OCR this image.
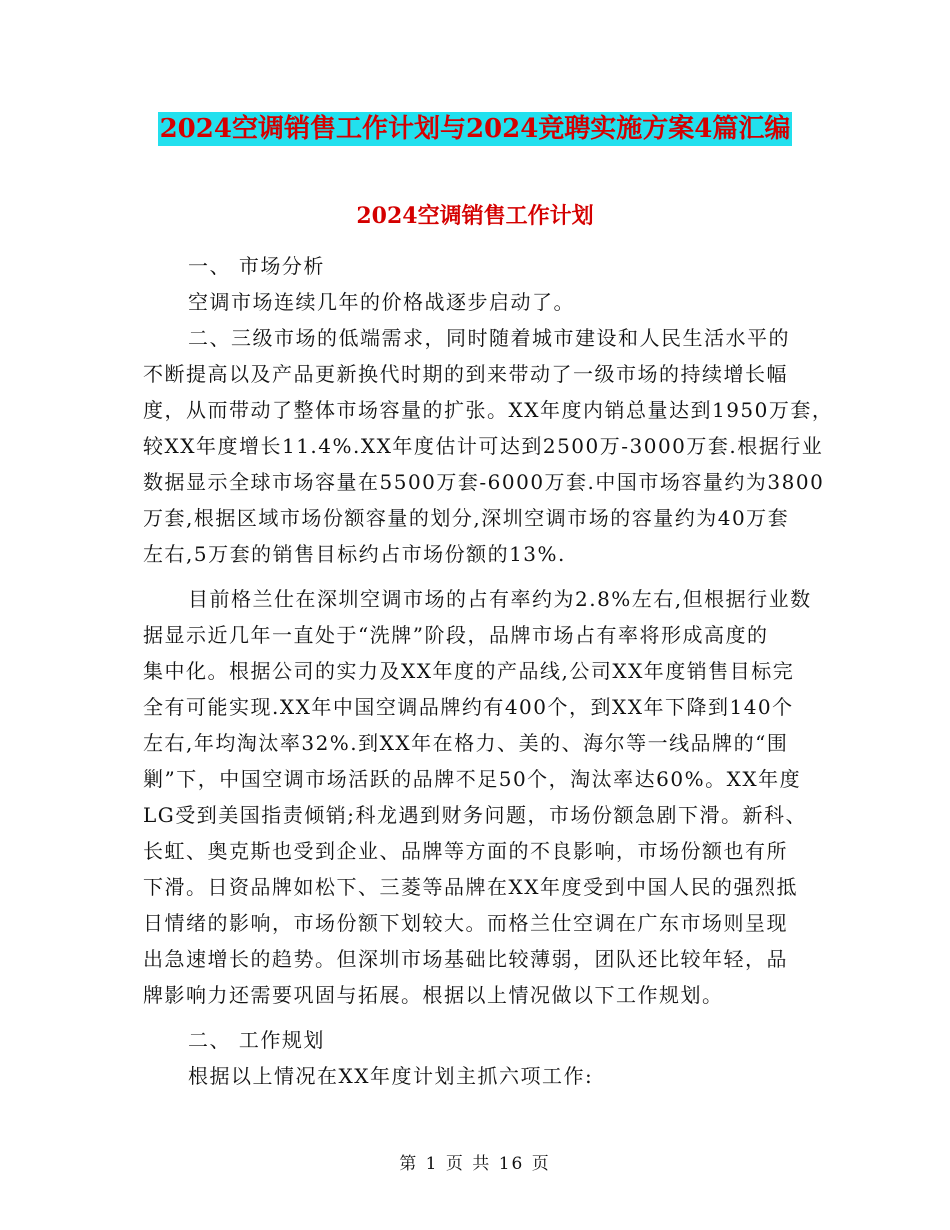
2024空调销售工作计划与2024竞聘实施方案4篇汇编
2024空调销售工作计划
一、 市场分析
空调市场连续几年的价格战逐步启动了。
二、三级市场的低端需求，同时随着城市建设和人民生活水平的
不断提高以及产品更新换代时期的到来带动了一级市场的持续增长幅
度，从而带动了整体市场容量的扩张。XX年度内销总量达到1950万套，
较XX年度增长11.4%.XX年度估计可达到2500万-3000万套.根据行业
数据显示全球市场容量在5500万套-6000万套.中国市场容量约为3800
万套,根据区域市场份额容量的划分,深圳空调市场的容量约为40万套
左右,5万套的销售目标约占市场份额的13%.
目前格兰仕在深圳空调市场的占有率约为2.8%左右,但根据行业数
据显示近几年一直处于“洗牌”阶段，品牌市场占有率将形成高度的
集中化。根据公司的实力及XX年度的产品线,公司XX年度销售目标完
全有可能实现.XX年中国空调品牌约有400个，到XX年下降到140个
左右,年均淘汰率32%.到XX年在格力、美的、海尔等一线品牌的“围
剿”下，中国空调市场活跃的品牌不足50个，淘汰率达60%。XX年度
LG受到美国指责倾销;科龙遇到财务问题，市场份额急剧下滑。新科、
长虹、奥克斯也受到企业、品牌等方面的不良影响，市场份额也有所
下滑。日资品牌如松下、三菱等品牌在XX年度受到中国人民的强烈抵
日情绪的影响，市场份额下划较大。而格兰仕空调在广东市场则呈现
出急速增长的趋势。但深圳市场基础比较薄弱，团队还比较年轻，品
牌影响力还需要巩固与拓展。根据以上情况做以下工作规划。
二、 工作规划
根据以上情况在XX年度计划主抓六项工作:
第 1 页 共 16 页
